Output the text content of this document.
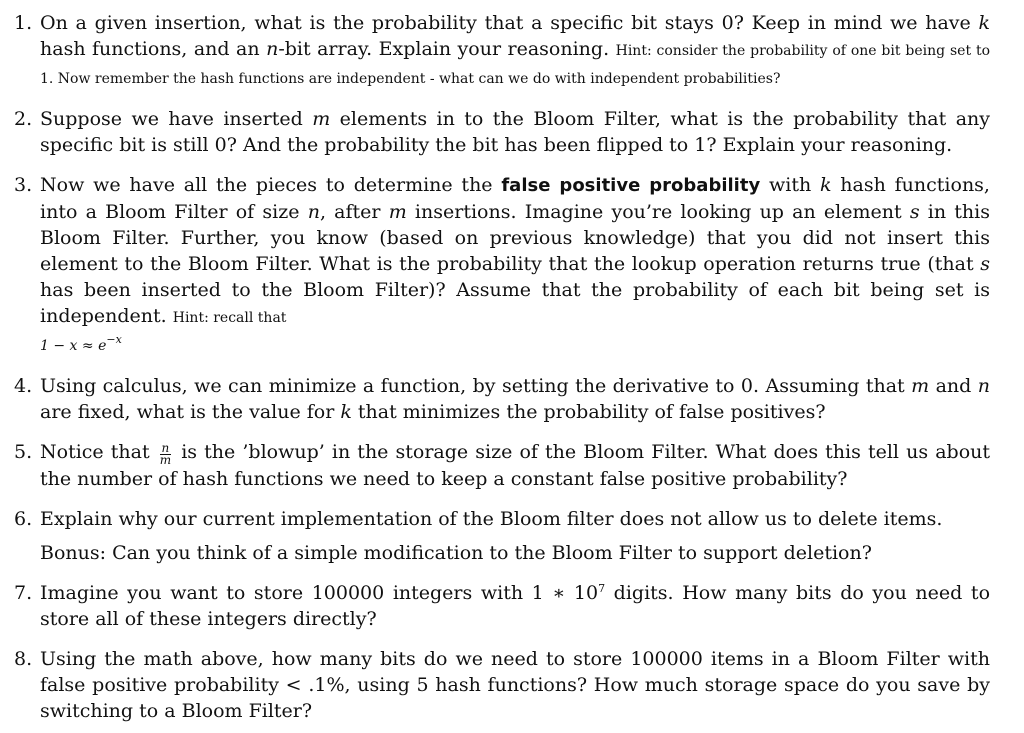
1. On a given insertion, what is the probability that a specific bit stays 0? Keep in mind we have k hash functions, and an n-bit array. Explain your reasoning. Hint: consider the probability of one bit being set to 1. Now remember the hash functions are independent - what can we do with independent probabilities?
2. Suppose we have inserted m elements in to the Bloom Filter, what is the probability that any specific bit is still 0? And the probability the bit has been flipped to 1? Explain your reasoning.
3. Now we have all the pieces to determine the false positive probability with k hash functions, into a Bloom Filter of size n, after m insertions. Imagine you’re looking up an element s in this Bloom Filter. Further, you know (based on previous knowledge) that you did not insert this element to the Bloom Filter. What is the probability that the lookup operation returns true (that s has been inserted to the Bloom Filter)? Assume that the probability of each bit being set is independent. Hint: recall that
$1 - x \approx e^{-x}$
4. Using calculus, we can minimize a function, by setting the derivative to 0. Assuming that m and n are fixed, what is the value for k that minimizes the probability of false positives?
5. Notice that $\frac{n}{m}$ is the ’blowup’ in the storage size of the Bloom Filter. What does this tell us about the number of hash functions we need to keep a constant false positive probability?
6. Explain why our current implementation of the Bloom filter does not allow us to delete items.
Bonus: Can you think of a simple modification to the Bloom Filter to support deletion?
7. Imagine you want to store 100000 integers with 1 ∗ $10^7$ digits. How many bits do you need to store all of these integers directly?
8. Using the math above, how many bits do we need to store 100000 items in a Bloom Filter with false positive probability < .1%, using 5 hash functions? How much storage space do you save by switching to a Bloom Filter?
